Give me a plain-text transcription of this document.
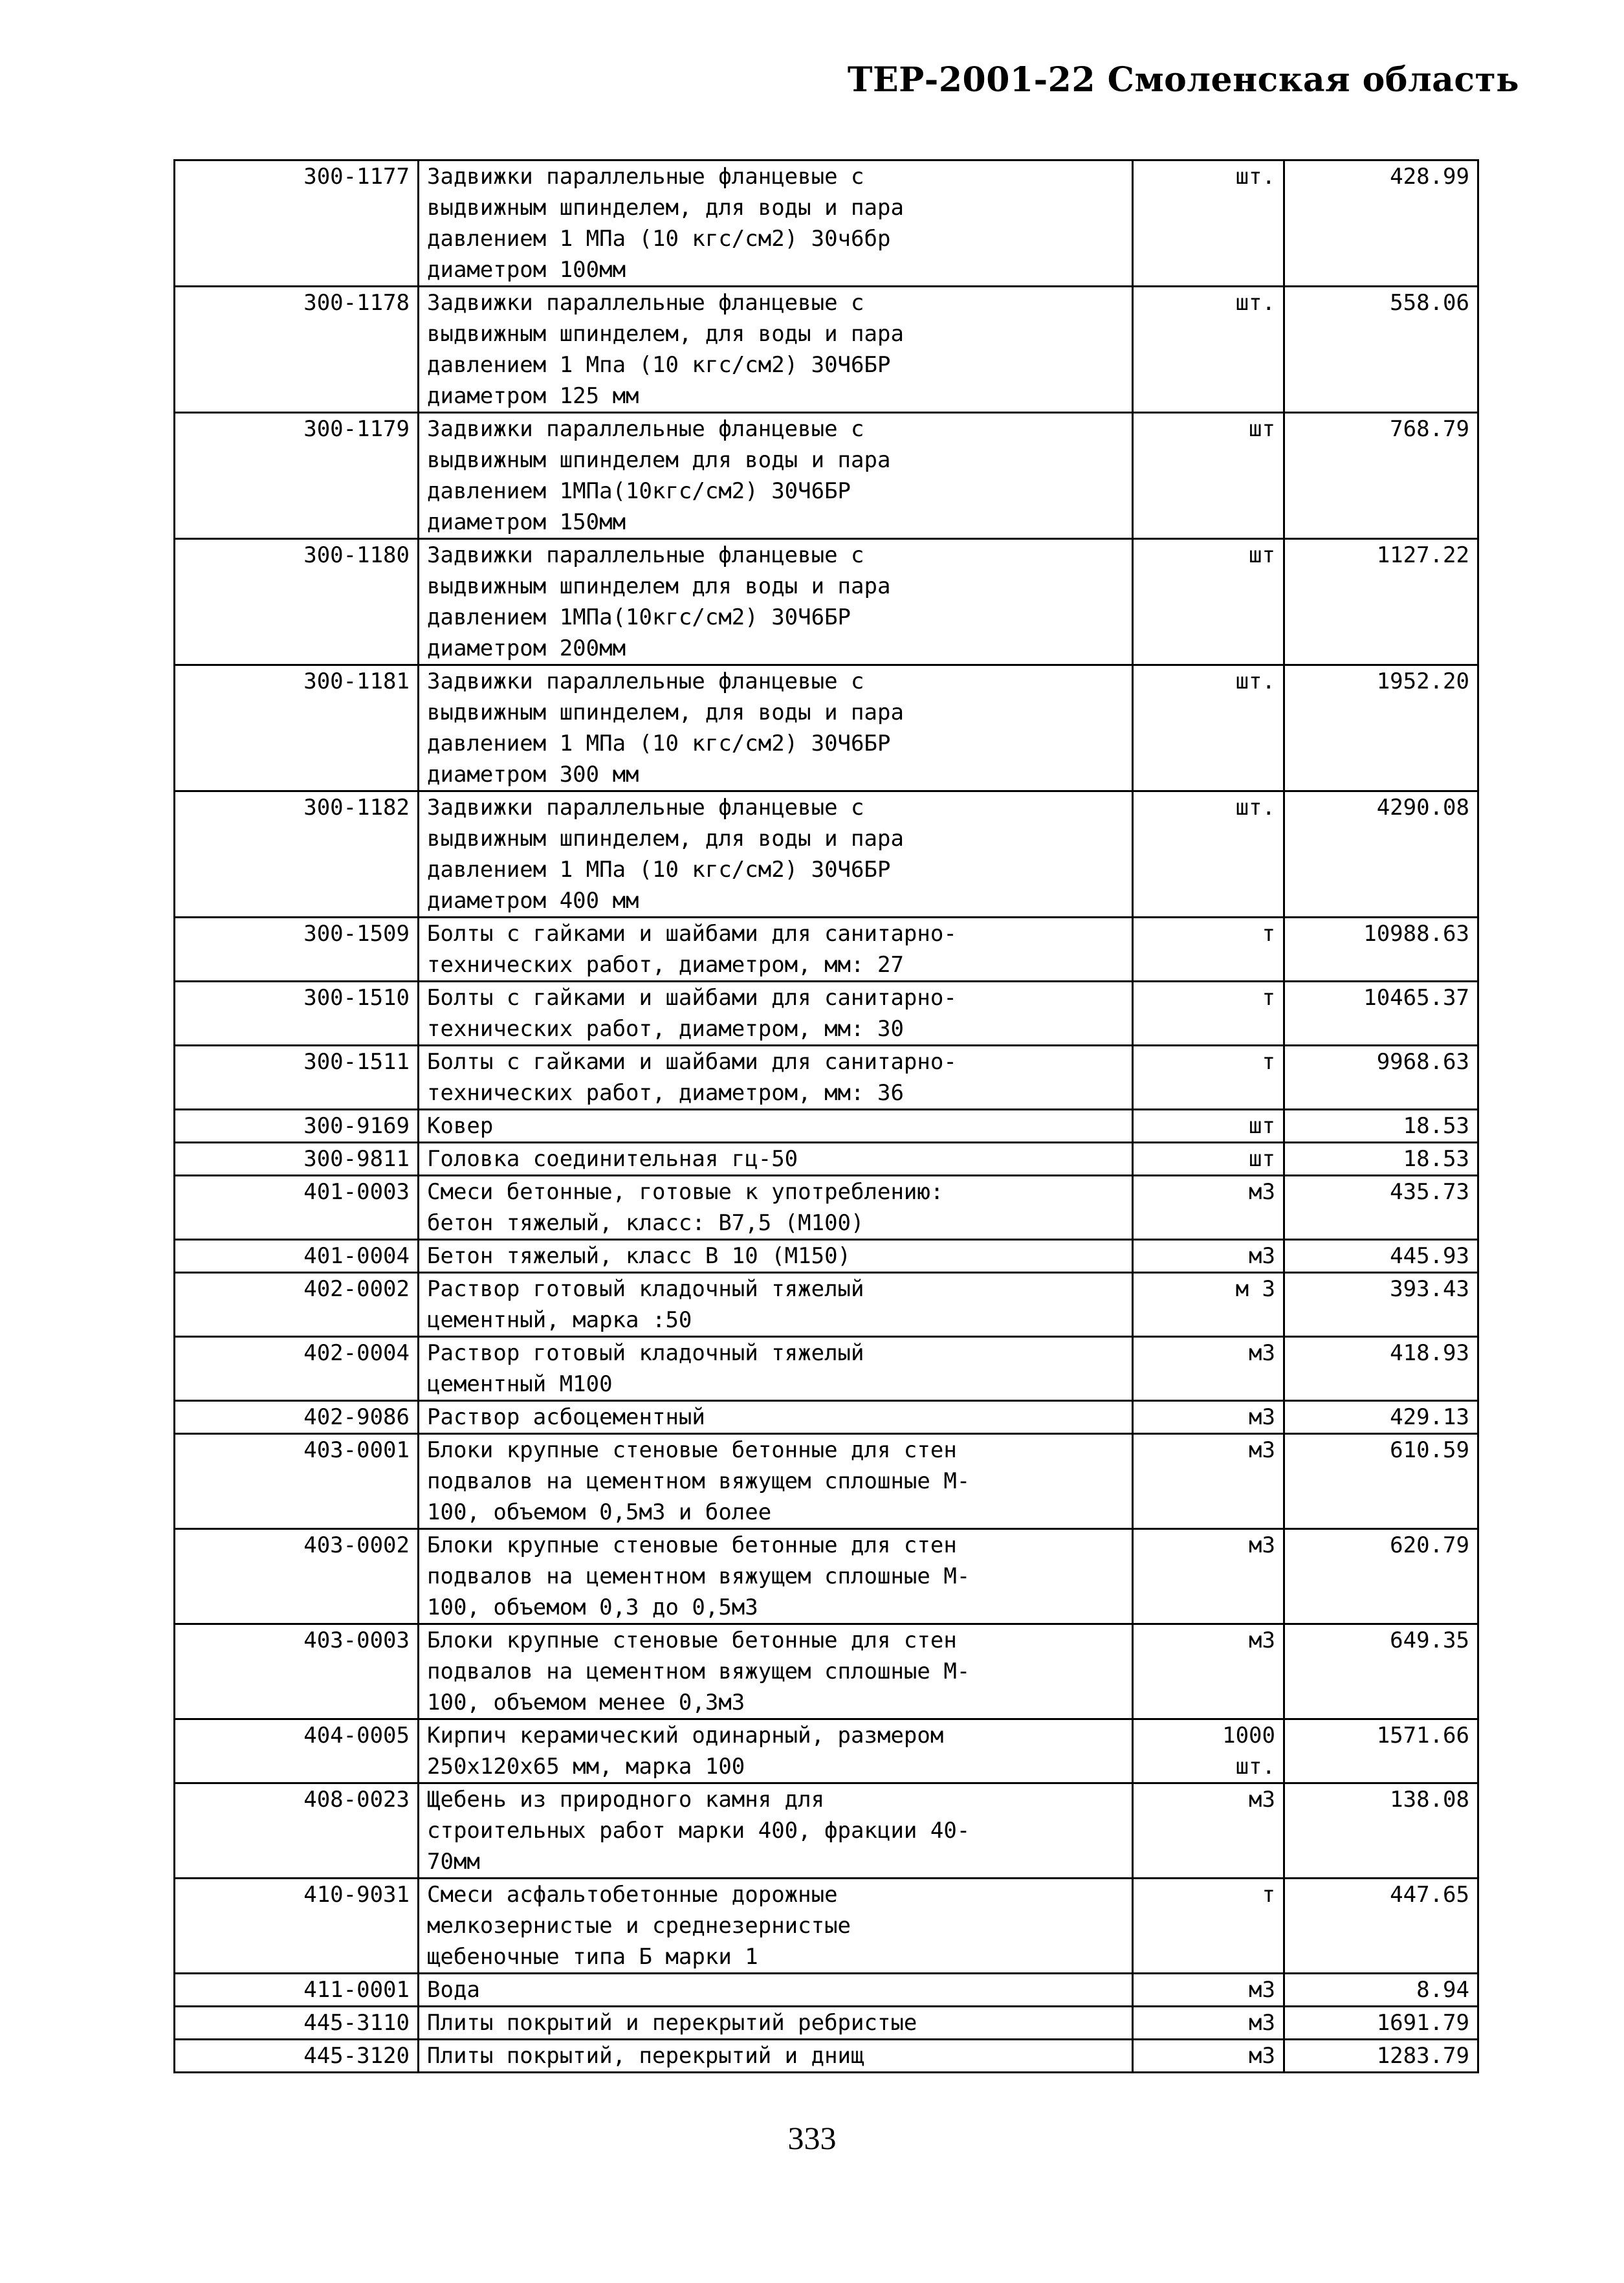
ТЕР-2001-22 Смоленская область
300-1177	Задвижки параллельные фланцевые с
выдвижным шпинделем, для воды и пара
давлением 1 МПа (10 кгс/см2) 30ч6бр
диаметром 100мм	шт.	428.99
300-1178	Задвижки параллельные фланцевые с
выдвижным шпинделем, для воды и пара
давлением 1 Мпа (10 кгс/см2) 30Ч6БР
диаметром 125 мм	шт.	558.06
300-1179	Задвижки параллельные фланцевые с
выдвижным шпинделем для воды и пара
давлением 1МПа(10кгс/см2) 30Ч6БР
диаметром 150мм	шт	768.79
300-1180	Задвижки параллельные фланцевые с
выдвижным шпинделем для воды и пара
давлением 1МПа(10кгс/см2) 30Ч6БР
диаметром 200мм	шт	1127.22
300-1181	Задвижки параллельные фланцевые с
выдвижным шпинделем, для воды и пара
давлением 1 МПа (10 кгс/см2) 30Ч6БР
диаметром 300 мм	шт.	1952.20
300-1182	Задвижки параллельные фланцевые с
выдвижным шпинделем, для воды и пара
давлением 1 МПа (10 кгс/см2) 30Ч6БР
диаметром 400 мм	шт.	4290.08
300-1509	Болты с гайками и шайбами для санитарно-
технических работ, диаметром, мм: 27	т	10988.63
300-1510	Болты с гайками и шайбами для санитарно-
технических работ, диаметром, мм: 30	т	10465.37
300-1511	Болты с гайками и шайбами для санитарно-
технических работ, диаметром, мм: 36	т	9968.63
300-9169	Ковер	шт	18.53
300-9811	Головка соединительная гц-50	шт	18.53
401-0003	Смеси бетонные, готовые к употреблению:
бетон тяжелый, класс: В7,5 (М100)	м3	435.73
401-0004	Бетон тяжелый, класс В 10 (М150)	м3	445.93
402-0002	Раствор готовый кладочный тяжелый
цементный, марка :50	м 3	393.43
402-0004	Раствор готовый кладочный тяжелый
цементный М100	м3	418.93
402-9086	Раствор асбоцементный	м3	429.13
403-0001	Блоки крупные стеновые бетонные для стен
подвалов на цементном вяжущем сплошные М-
100, объемом 0,5м3 и более	м3	610.59
403-0002	Блоки крупные стеновые бетонные для стен
подвалов на цементном вяжущем сплошные М-
100, объемом 0,3 до 0,5м3	м3	620.79
403-0003	Блоки крупные стеновые бетонные для стен
подвалов на цементном вяжущем сплошные М-
100, объемом менее 0,3м3	м3	649.35
404-0005	Кирпич керамический одинарный, размером
250х120х65 мм, марка 100	1000
шт.	1571.66
408-0023	Щебень из природного камня для
строительных работ марки 400, фракции 40-
70мм	м3	138.08
410-9031	Смеси асфальтобетонные дорожные
мелкозернистые и среднезернистые
щебеночные типа Б марки 1	т	447.65
411-0001	Вода	м3	8.94
445-3110	Плиты покрытий и перекрытий ребристые	м3	1691.79
445-3120	Плиты покрытий, перекрытий и днищ	м3	1283.79
333
